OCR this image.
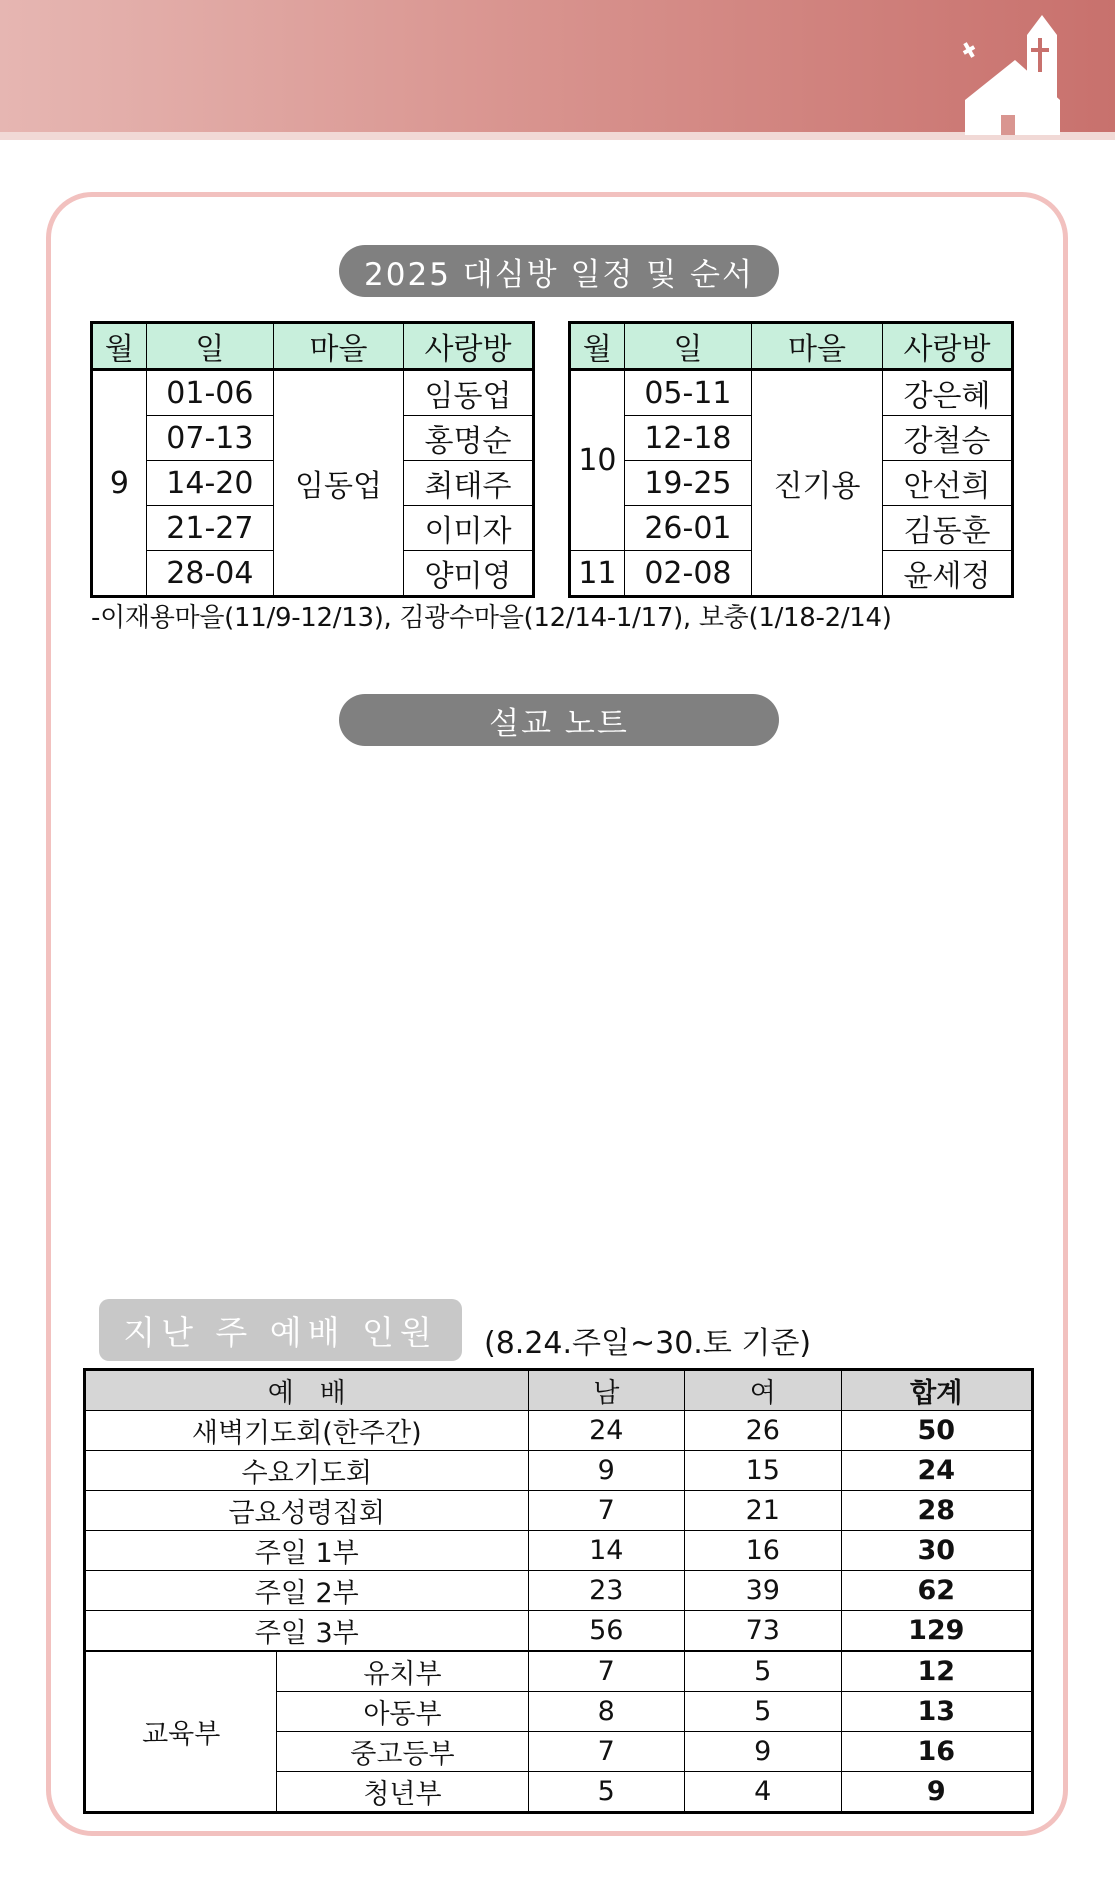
2025 대심방 일정 및 순서
월	일	마을	사랑방
9	01-06	임동업	임동업
	07-13		홍명순
	14-20		최태주
	21-27		이미자
	28-04		양미영
월	일	마을	사랑방
10	05-11	진기용	강은혜
	12-18		강철승
	19-25		안선희
	26-01		김동훈
11	02-08		윤세정
-이재용마을(11/9-12/13), 김광수마을(12/14-1/17), 보충(1/18-2/14)
설교 노트
지난 주 예배 인원	(8.24.주일~30.토 기준)
예   배		남	여	합계
새벽기도회(한주간)		24	26	50
수요기도회		9	15	24
금요성령집회		7	21	28
주일 1부		14	16	30
주일 2부		23	39	62
주일 3부		56	73	129
교육부	유치부	7	5	12
	아동부	8	5	13
	중고등부	7	9	16
	청년부	5	4	9
